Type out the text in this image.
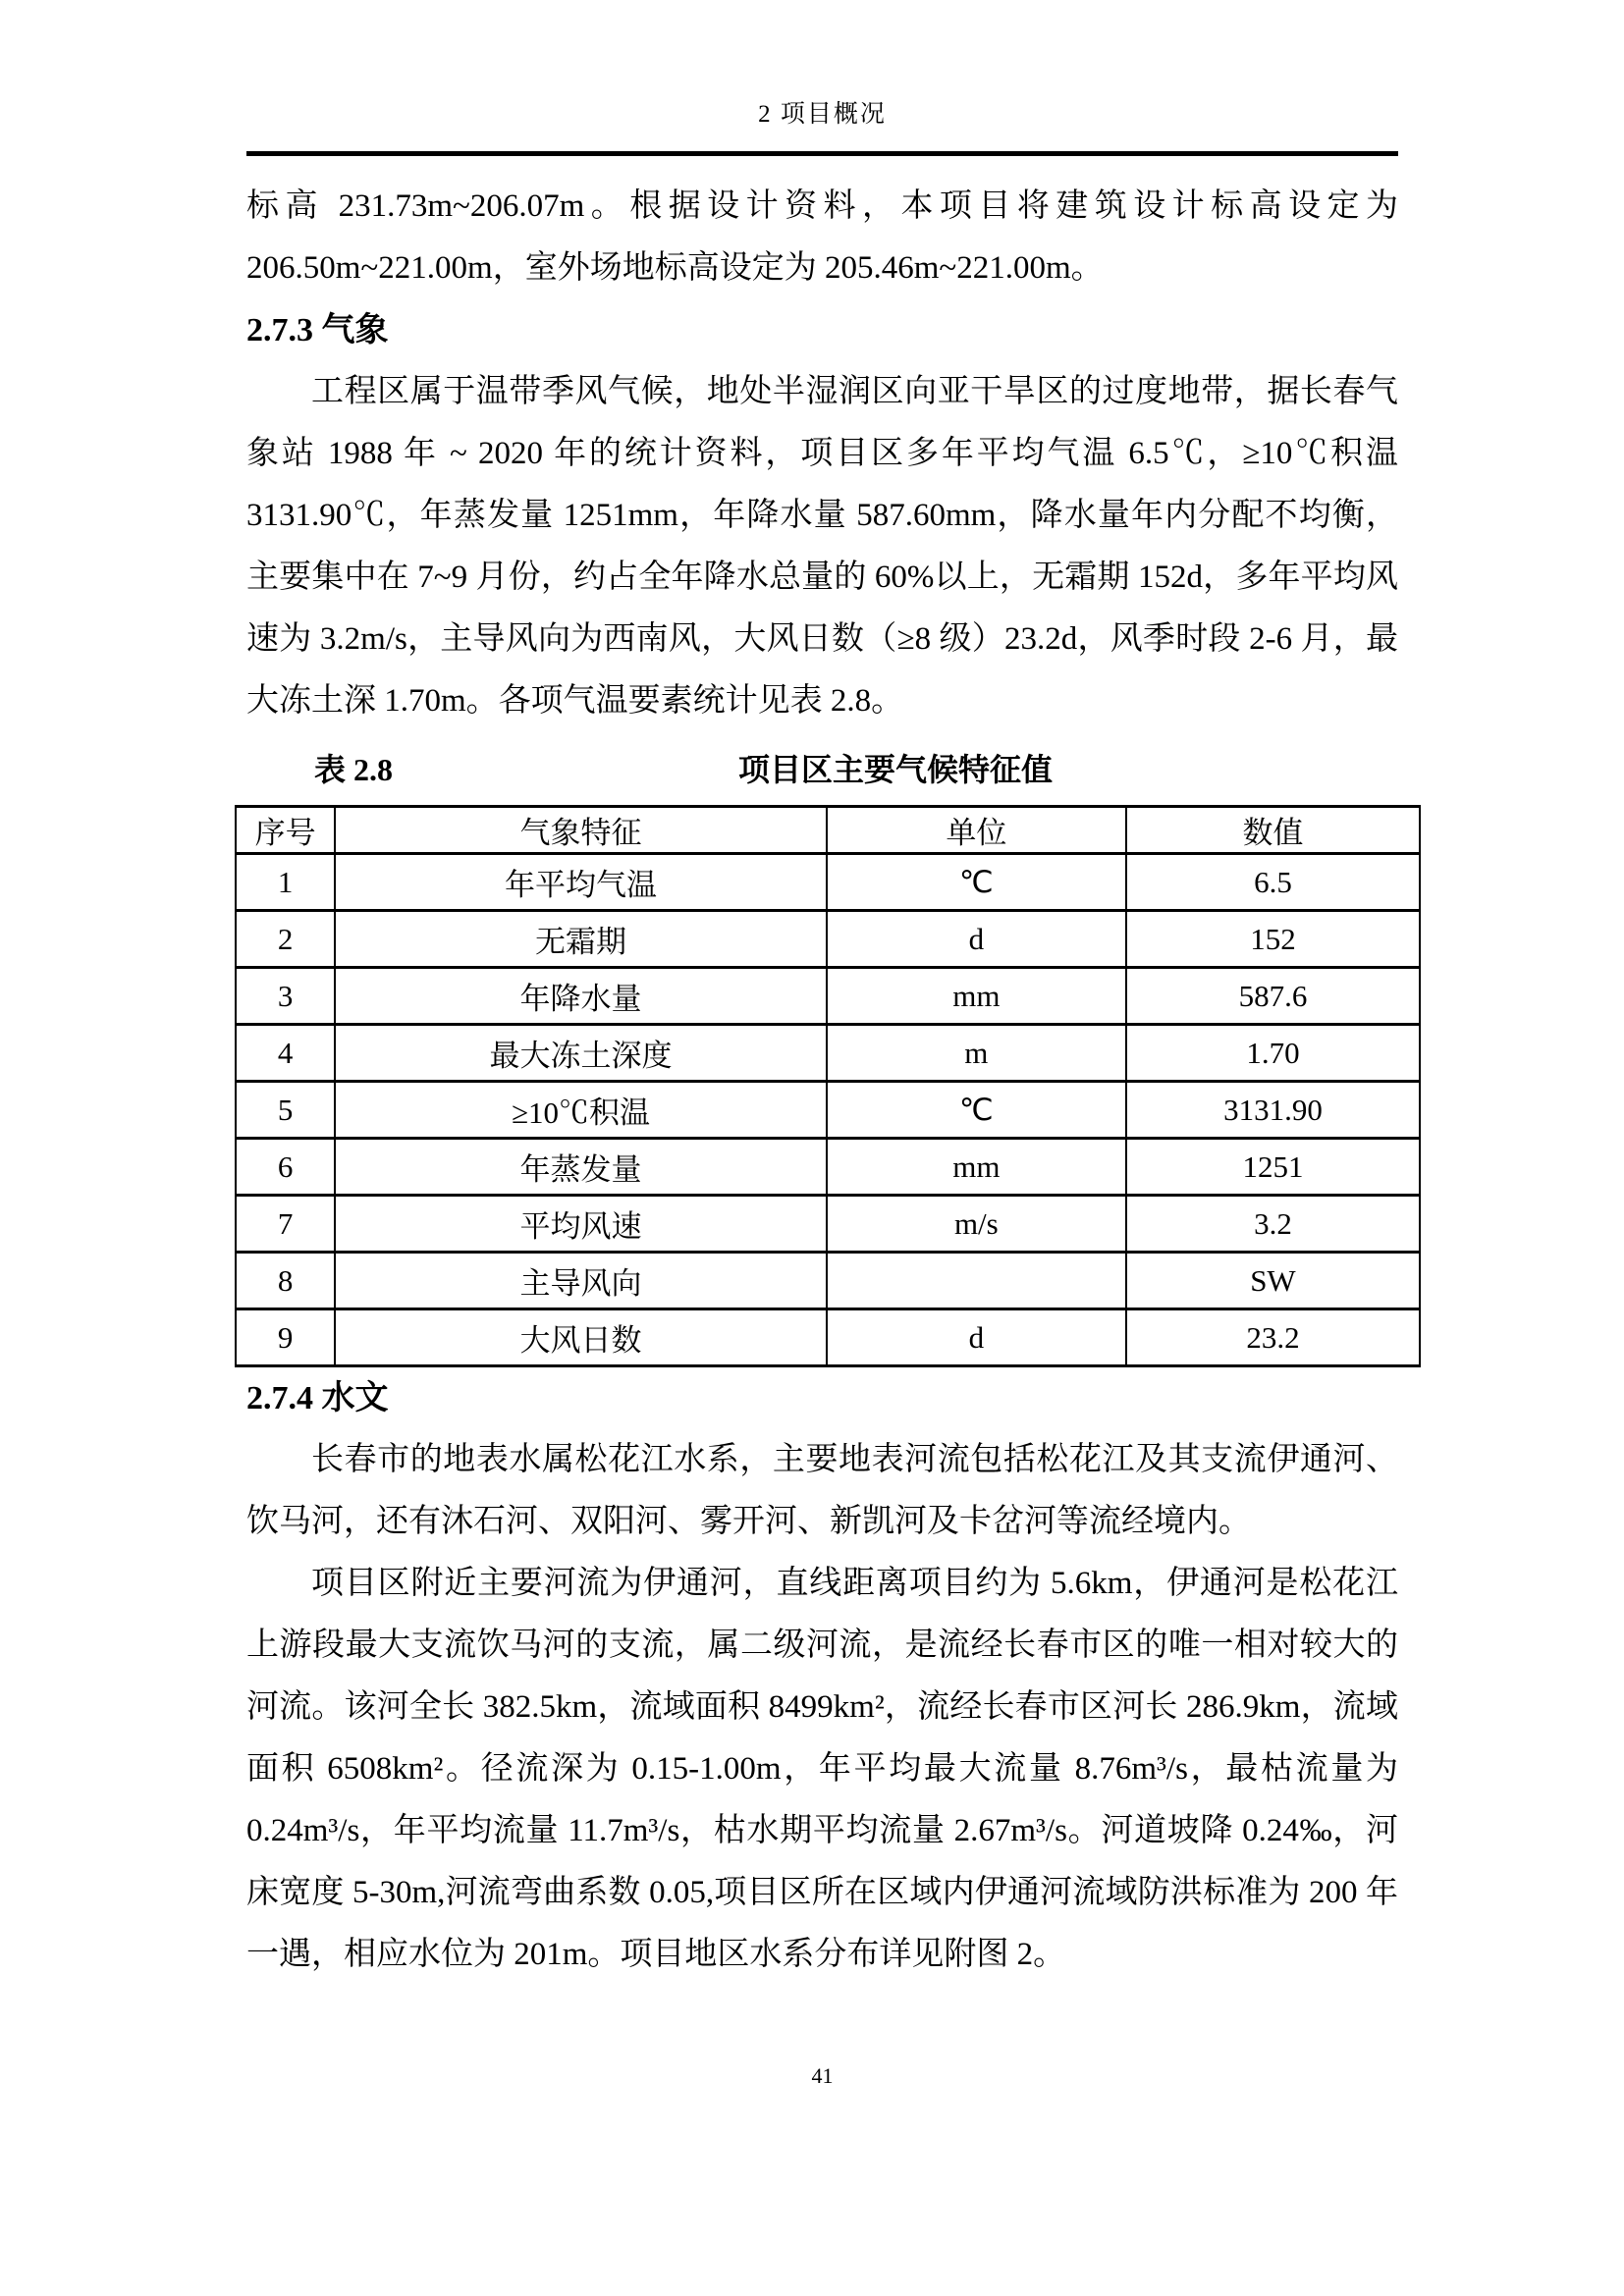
2 项目概况

标高 231.73m~206.07m。根据设计资料，本项目将建筑设计标高设定为 206.50m~221.00m，室外场地标高设定为 205.46m~221.00m。

2.7.3 气象

工程区属于温带季风气候，地处半湿润区向亚干旱区的过度地带，据长春气象站 1988 年 ~ 2020 年的统计资料，项目区多年平均气温 6.5℃，≥10℃积温 3131.90℃，年蒸发量 1251mm，年降水量 587.60mm，降水量年内分配不均衡，主要集中在 7~9 月份，约占全年降水总量的 60%以上，无霜期 152d，多年平均风速为 3.2m/s，主导风向为西南风，大风日数（≥8 级）23.2d，风季时段 2-6 月，最大冻土深 1.70m。各项气温要素统计见表 2.8。

表 2.8	项目区主要气候特征值
序号	气象特征	单位	数值
1	年平均气温	℃	6.5
2	无霜期	d	152
3	年降水量	mm	587.6
4	最大冻土深度	m	1.70
5	≥10℃积温	℃	3131.90
6	年蒸发量	mm	1251
7	平均风速	m/s	3.2
8	主导风向		SW
9	大风日数	d	23.2
2.7.4 水文

长春市的地表水属松花江水系，主要地表河流包括松花江及其支流伊通河、饮马河，还有沐石河、双阳河、雾开河、新凯河及卡岔河等流经境内。

项目区附近主要河流为伊通河，直线距离项目约为 5.6km，伊通河是松花江上游段最大支流饮马河的支流，属二级河流，是流经长春市区的唯一相对较大的河流。该河全长 382.5km，流域面积 8499km²，流经长春市区河长 286.9km，流域面积 6508km²。径流深为 0.15-1.00m，年平均最大流量 8.76m³/s，最枯流量为 0.24m³/s，年平均流量 11.7m³/s，枯水期平均流量 2.67m³/s。河道坡降 0.24‰，河床宽度 5-30m,河流弯曲系数 0.05,项目区所在区域内伊通河流域防洪标准为 200 年一遇，相应水位为 201m。项目地区水系分布详见附图 2。

41
